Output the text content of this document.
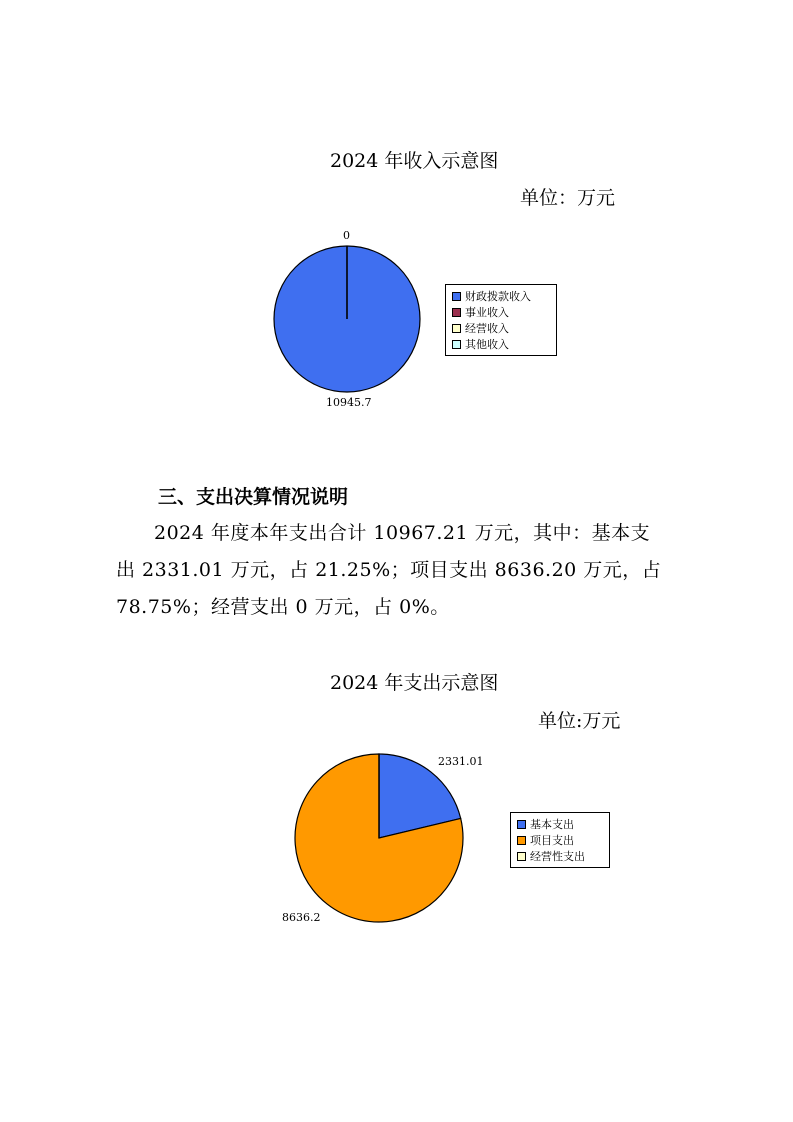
2024 年收入示意图
单位：万元
0
10945.7
财政拨款收入
事业收入
经营收入
其他收入
三、支出决算情况说明
2024 年度本年支出合计 10967.21 万元，其中：基本支
出 2331.01 万元，占 21.25%；项目支出 8636.20 万元，占
78.75%；经营支出 0 万元，占 0%。
2024 年支出示意图
单位:万元
2331.01
8636.2
基本支出
项目支出
经营性支出
